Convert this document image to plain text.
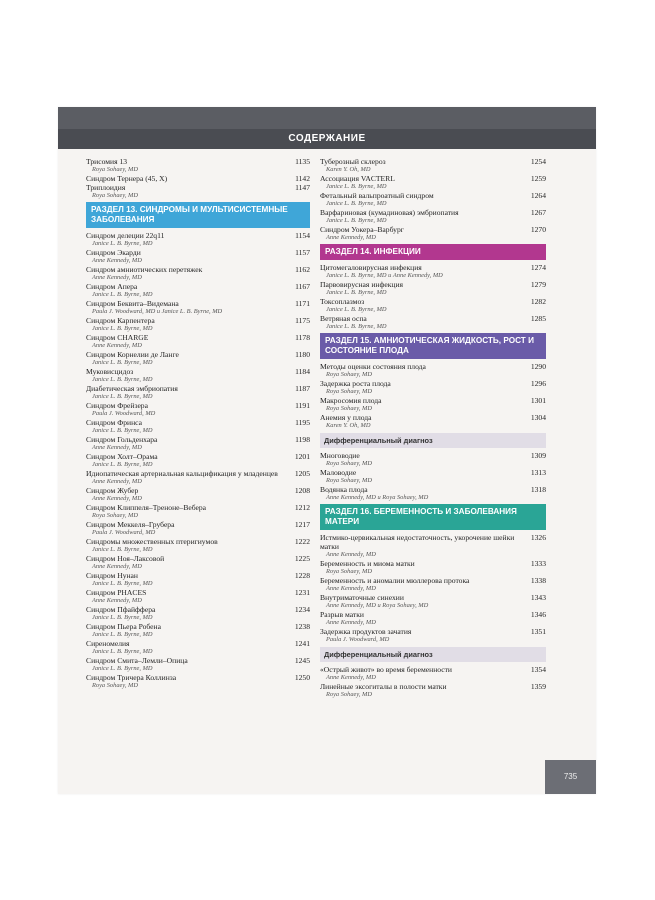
СОДЕРЖАНИЕ
735
Трисомия 13	1135
Roya Sohaey, MD
Синдром Тернера (45, X)	1142
Триплоидия	1147
Roya Sohaey, MD
РАЗДЕЛ 13. СИНДРОМЫ И МУЛЬТИСИСТЕМНЫЕ ЗАБОЛЕВАНИЯ
Синдром делеции 22q11	1154
Janice L. B. Byrne, MD
Синдром Экарди	1157
Anne Kennedy, MD
Синдром амниотических перетяжек	1162
Anne Kennedy, MD
Синдром Апера	1167
Janice L. B. Byrne, MD
Синдром Беквита–Видемана	1171
Paula J. Woodward, MD и Janice L. B. Byrne, MD
Синдром Карпентера	1175
Janice L. B. Byrne, MD
Синдром CHARGE	1178
Anne Kennedy, MD
Синдром Корнелии де Ланге	1180
Janice L. B. Byrne, MD
Муковисцидоз	1184
Janice L. B. Byrne, MD
Диабетическая эмбриопатия	1187
Janice L. B. Byrne, MD
Синдром Фрейзера	1191
Paula J. Woodward, MD
Синдром Фринса	1195
Janice L. B. Byrne, MD
Синдром Гольденхара	1198
Anne Kennedy, MD
Синдром Холт–Орама	1201
Janice L. B. Byrne, MD
Идиопатическая артериальная кальцификация у младенцев	1205
Anne Kennedy, MD
Синдром Жубер	1208
Anne Kennedy, MD
Синдром Клиппеля–Треноне–Вебера	1212
Roya Sohaey, MD
Синдром Меккеля–Грубера	1217
Paula J. Woodward, MD
Синдромы множественных птеригиумов	1222
Janice L. B. Byrne, MD
Синдром Ноя–Лаксовой	1225
Anne Kennedy, MD
Синдром Нунан	1228
Janice L. B. Byrne, MD
Синдром PHACES	1231
Anne Kennedy, MD
Синдром Пфайффера	1234
Janice L. B. Byrne, MD
Синдром Пьера Робена	1238
Janice L. B. Byrne, MD
Сиреномелия	1241
Janice L. B. Byrne, MD
Синдром Смита–Лемли–Опица	1245
Janice L. B. Byrne, MD
Синдром Тричера Коллинза	1250
Roya Sohaey, MD
Туберозный склероз	1254
Karen Y. Oh, MD
Ассоциация VACTERL	1259
Janice L. B. Byrne, MD
Фетальный вальпроатный синдром	1264
Janice L. B. Byrne, MD
Варфариновая (кумадиновая) эмбриопатия	1267
Janice L. B. Byrne, MD
Синдром Уокера–Варбург	1270
Anne Kennedy, MD
РАЗДЕЛ 14. ИНФЕКЦИИ
Цитомегаловирусная инфекция	1274
Janice L. B. Byrne, MD и Anne Kennedy, MD
Парвовирусная инфекция	1279
Janice L. B. Byrne, MD
Токсоплазмоз	1282
Janice L. B. Byrne, MD
Ветряная оспа	1285
Janice L. B. Byrne, MD
РАЗДЕЛ 15. АМНИОТИЧЕСКАЯ ЖИДКОСТЬ, РОСТ И СОСТОЯНИЕ ПЛОДА
Методы оценки состояния плода	1290
Roya Sohaey, MD
Задержка роста плода	1296
Roya Sohaey, MD
Макросомия плода	1301
Roya Sohaey, MD
Анемия у плода	1304
Karen Y. Oh, MD
Дифференциальный диагноз
Многоводие	1309
Roya Sohaey, MD
Маловодие	1313
Roya Sohaey, MD
Водянка плода	1318
Anne Kennedy, MD и Roya Sohaey, MD
РАЗДЕЛ 16. БЕРЕМЕННОСТЬ И ЗАБОЛЕВАНИЯ МАТЕРИ
Истмико-цервикальная недостаточность, укорочение шейки матки
1326
Anne Kennedy, MD
Беременность и миома матки	1333
Roya Sohaey, MD
Беременность и аномалии мюллерова протока	1338
Anne Kennedy, MD
Внутриматочные синехии	1343
Anne Kennedy, MD и Roya Sohaey, MD
Разрыв матки	1346
Anne Kennedy, MD
Задержка продуктов зачатия	1351
Paula J. Woodward, MD
Дифференциальный диагноз
«Острый живот» во время беременности	1354
Anne Kennedy, MD
Линейные эксогиталы в полости матки	1359
Roya Sohaey, MD
